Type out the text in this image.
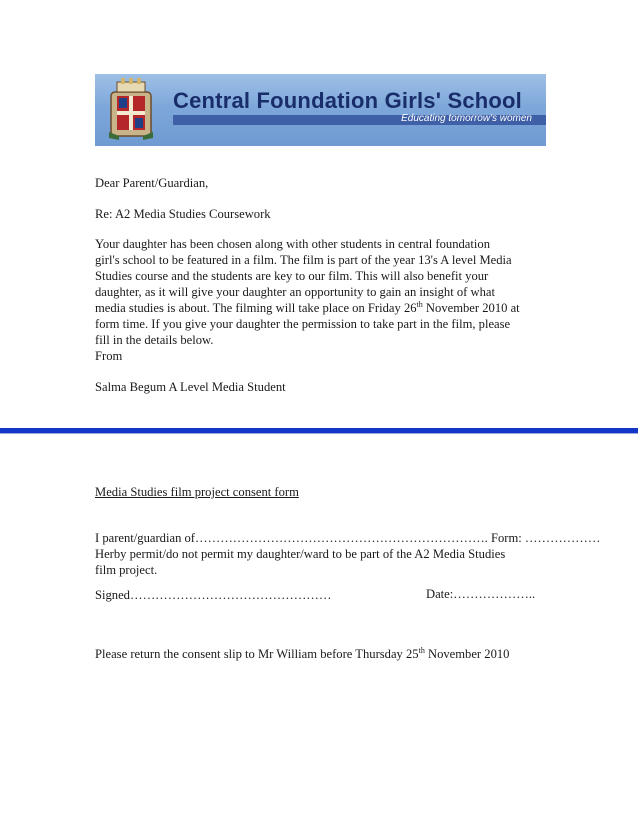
Central Foundation Girls' School
Educating tomorrow's women
Dear Parent/Guardian,
Re: A2 Media Studies Coursework
Your daughter has been chosen along with other students in central foundation
girl's school to be featured in a film. The film is part of the year 13's A level Media
Studies course and the students are key to our film. This will also benefit your
daughter, as it will give your daughter an opportunity to gain an insight of what
media studies is about. The filming will take place on Friday 26th November 2010 at
form time. If you give your daughter the permission to take part in the film, please
fill in the details below.
From
Salma Begum A Level Media Student
Media Studies film project consent form
I parent/guardian of……………………………………………………………. Form: ………………
Herby permit/do not permit my daughter/ward to be part of the A2 Media Studies
film project.
Signed…………………………………………	Date:………………..
Please return the consent slip to Mr William before Thursday 25th November 2010
